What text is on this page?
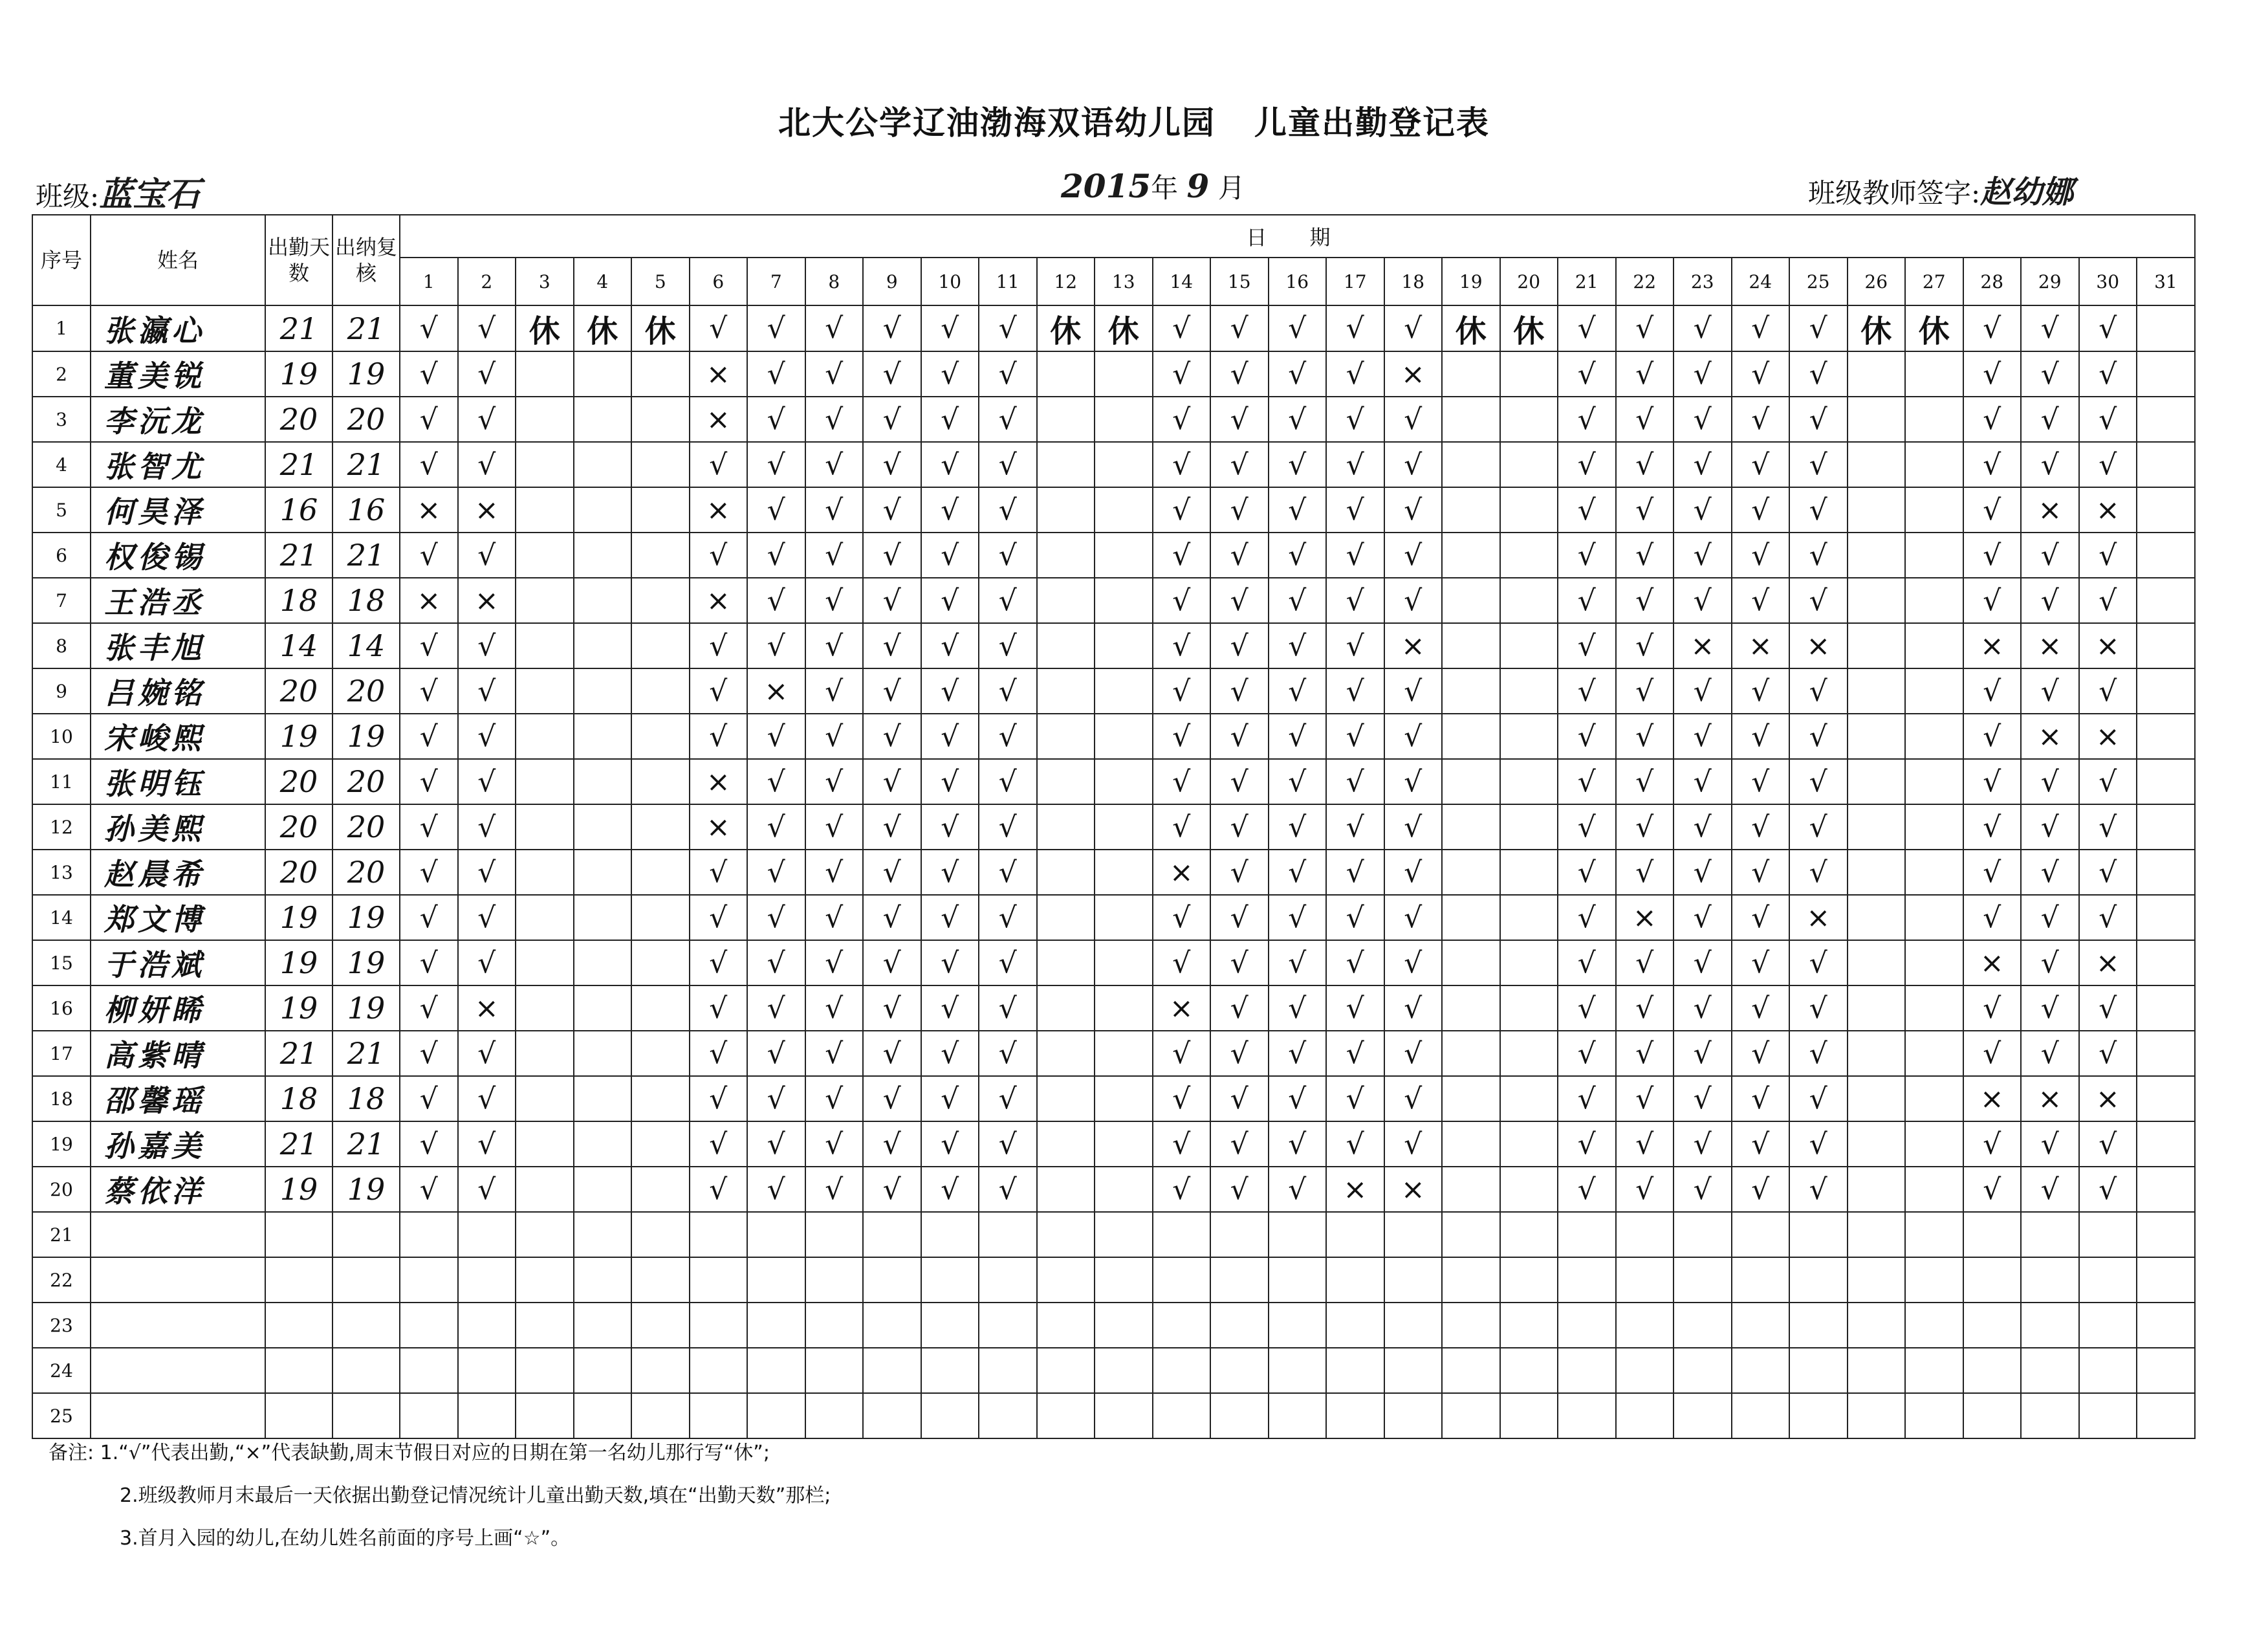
北大公学辽油渤海双语幼儿园 儿童出勤登记表
班级:蓝宝石	2015年 9 月	班级教师签字:赵幼娜
序号	姓名	出勤天数	出纳复核	日 期																														
				1	2	3	4	5	6	7	8	9	10	11	12	13	14	15	16	17	18	19	20	21	22	23	24	25	26	27	28	29	30	31
1	张瀛心	21	21	√	√	休	休	休	√	√	√	√	√	√	休	休	√	√	√	√	√	休	休	√	√	√	√	√	休	休	√	√	√	
2	董美锐	19	19	√	√				×	√	√	√	√	√			√	√	√	√	×			√	√	√	√	√			√	√	√	
3	李沅龙	20	20	√	√				×	√	√	√	√	√			√	√	√	√	√			√	√	√	√	√			√	√	√	
4	张智尤	21	21	√	√				√	√	√	√	√	√			√	√	√	√	√			√	√	√	√	√			√	√	√	
5	何昊泽	16	16	×	×				×	√	√	√	√	√			√	√	√	√	√			√	√	√	√	√			√	×	×	
6	权俊锡	21	21	√	√				√	√	√	√	√	√			√	√	√	√	√			√	√	√	√	√			√	√	√	
7	王浩丞	18	18	×	×				×	√	√	√	√	√			√	√	√	√	√			√	√	√	√	√			√	√	√	
8	张丰旭	14	14	√	√				√	√	√	√	√	√			√	√	√	√	×			√	√	×	×	×			×	×	×	
9	吕婉铭	20	20	√	√				√	×	√	√	√	√			√	√	√	√	√			√	√	√	√	√			√	√	√	
10	宋峻熙	19	19	√	√				√	√	√	√	√	√			√	√	√	√	√			√	√	√	√	√			√	×	×	
11	张明钰	20	20	√	√				×	√	√	√	√	√			√	√	√	√	√			√	√	√	√	√			√	√	√	
12	孙美熙	20	20	√	√				×	√	√	√	√	√			√	√	√	√	√			√	√	√	√	√			√	√	√	
13	赵晨希	20	20	√	√				√	√	√	√	√	√			×	√	√	√	√			√	√	√	√	√			√	√	√	
14	郑文博	19	19	√	√				√	√	√	√	√	√			√	√	√	√	√			√	×	√	√	×			√	√	√	
15	于浩斌	19	19	√	√				√	√	√	√	√	√			√	√	√	√	√			√	√	√	√	√			×	√	×	
16	柳妍睎	19	19	√	×				√	√	√	√	√	√			×	√	√	√	√			√	√	√	√	√			√	√	√	
17	高紫晴	21	21	√	√				√	√	√	√	√	√			√	√	√	√	√			√	√	√	√	√			√	√	√	
18	邵馨瑶	18	18	√	√				√	√	√	√	√	√			√	√	√	√	√			√	√	√	√	√			×	×	×	
19	孙嘉美	21	21	√	√				√	√	√	√	√	√			√	√	√	√	√			√	√	√	√	√			√	√	√	
20	蔡依洋	19	19	√	√				√	√	√	√	√	√			√	√	√	×	×			√	√	√	√	√			√	√	√	
21																																		
22																																		
23																																		
24																																		
25																																		
备注: 1.“√”代表出勤,“×”代表缺勤,周末节假日对应的日期在第一名幼儿那行写“休”;
2.班级教师月末最后一天依据出勤登记情况统计儿童出勤天数,填在“出勤天数”那栏;
3.首月入园的幼儿,在幼儿姓名前面的序号上画“☆”。
